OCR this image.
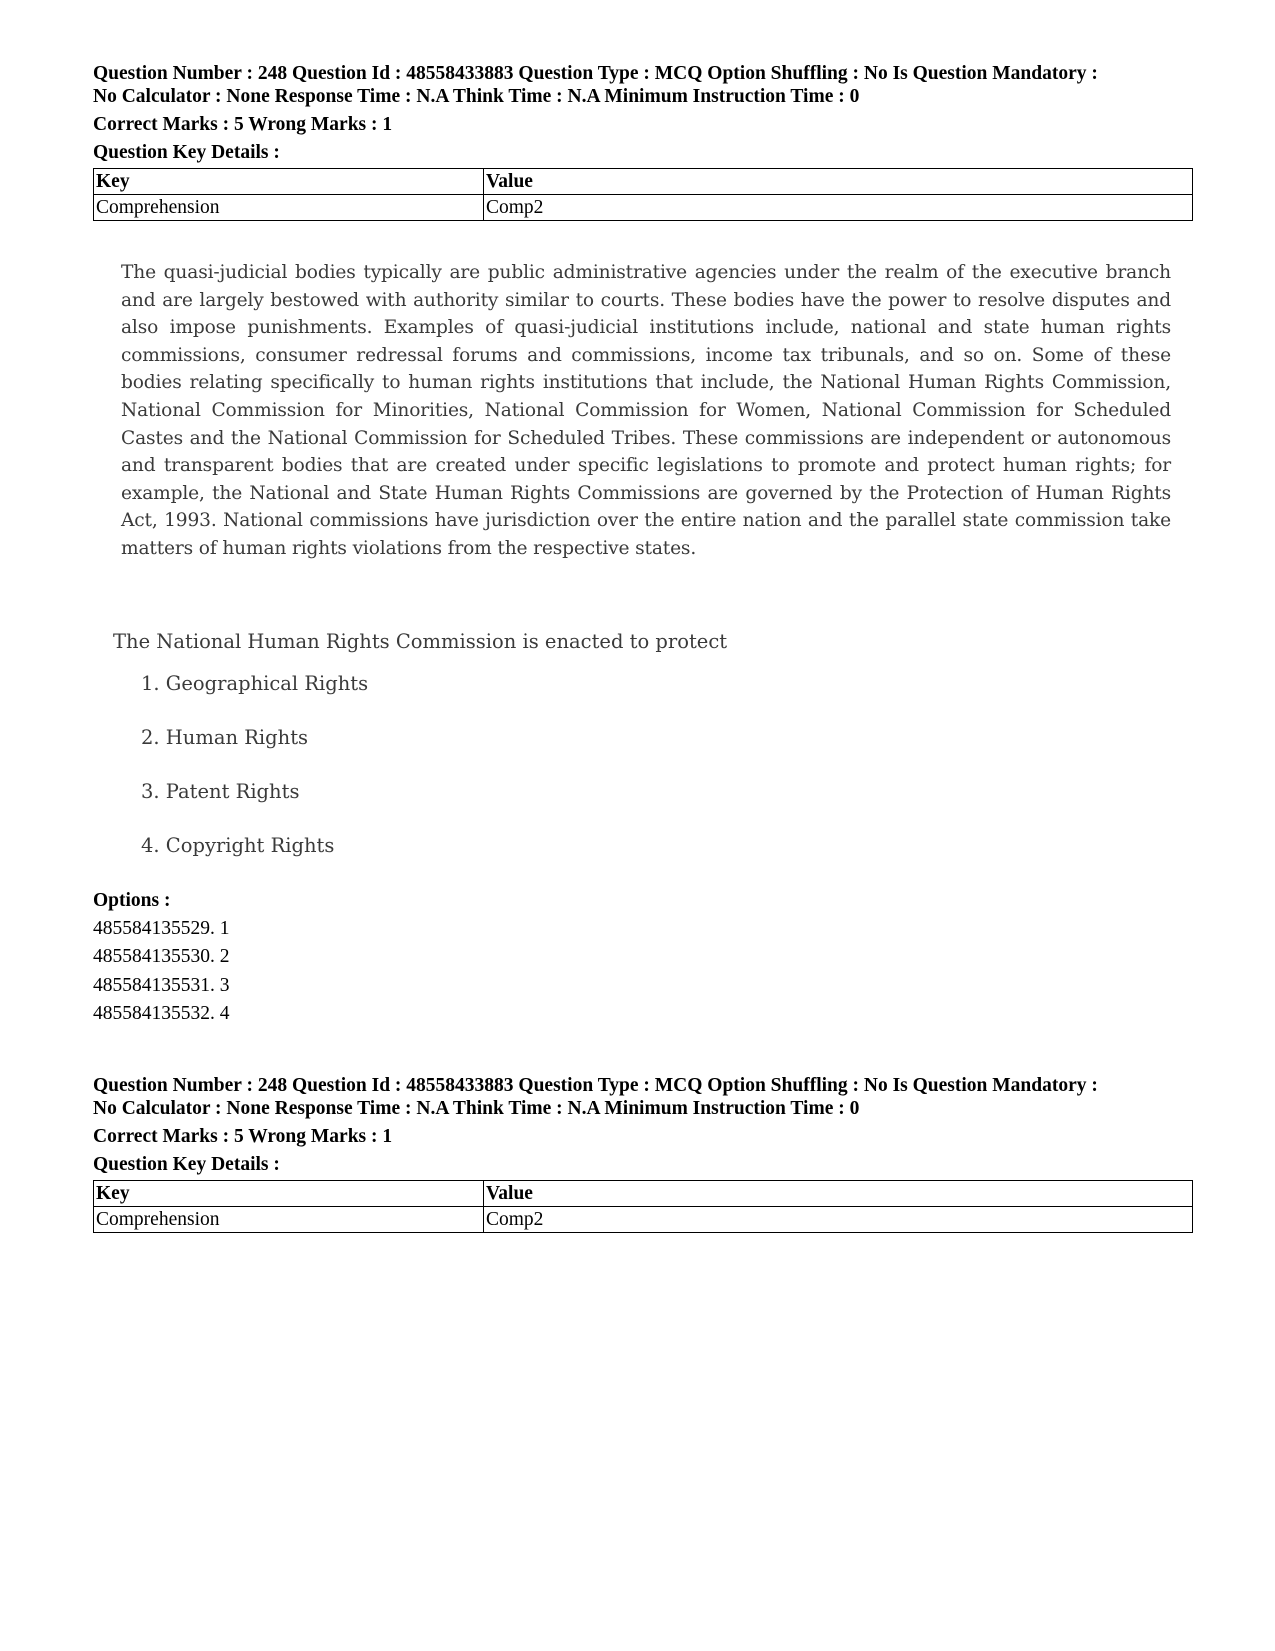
Question Number : 248 Question Id : 48558433883 Question Type : MCQ Option Shuffling : No Is Question Mandatory :

No Calculator : None Response Time : N.A Think Time : N.A Minimum Instruction Time : 0

Correct Marks : 5 Wrong Marks : 1
Question Key Details :
Key	Value
Comprehension	Comp2
The quasi-judicial bodies typically are public administrative agencies under the realm of the executive branch and are largely bestowed with authority similar to courts. These bodies have the power to resolve disputes and also impose punishments. Examples of quasi-judicial institutions include, national and state human rights commissions, consumer redressal forums and commissions, income tax tribunals, and so on. Some of these bodies relating specifically to human rights institutions that include, the National Human Rights Commission, National Commission for Minorities, National Commission for Women, National Commission for Scheduled Castes and the National Commission for Scheduled Tribes. These commissions are independent or autonomous and transparent bodies that are created under specific legislations to promote and protect human rights; for example, the National and State Human Rights Commissions are governed by the Protection of Human Rights Act, 1993. National commissions have jurisdiction over the entire nation and the parallel state commission take matters of human rights violations from the respective states.
The National Human Rights Commission is enacted to protect
1. Geographical Rights
2. Human Rights
3. Patent Rights
4. Copyright Rights
Options :
485584135529. 1
485584135530. 2
485584135531. 3
485584135532. 4

Question Number : 248 Question Id : 48558433883 Question Type : MCQ Option Shuffling : No Is Question Mandatory :

No Calculator : None Response Time : N.A Think Time : N.A Minimum Instruction Time : 0

Correct Marks : 5 Wrong Marks : 1
Question Key Details :
Key	Value
Comprehension	Comp2
